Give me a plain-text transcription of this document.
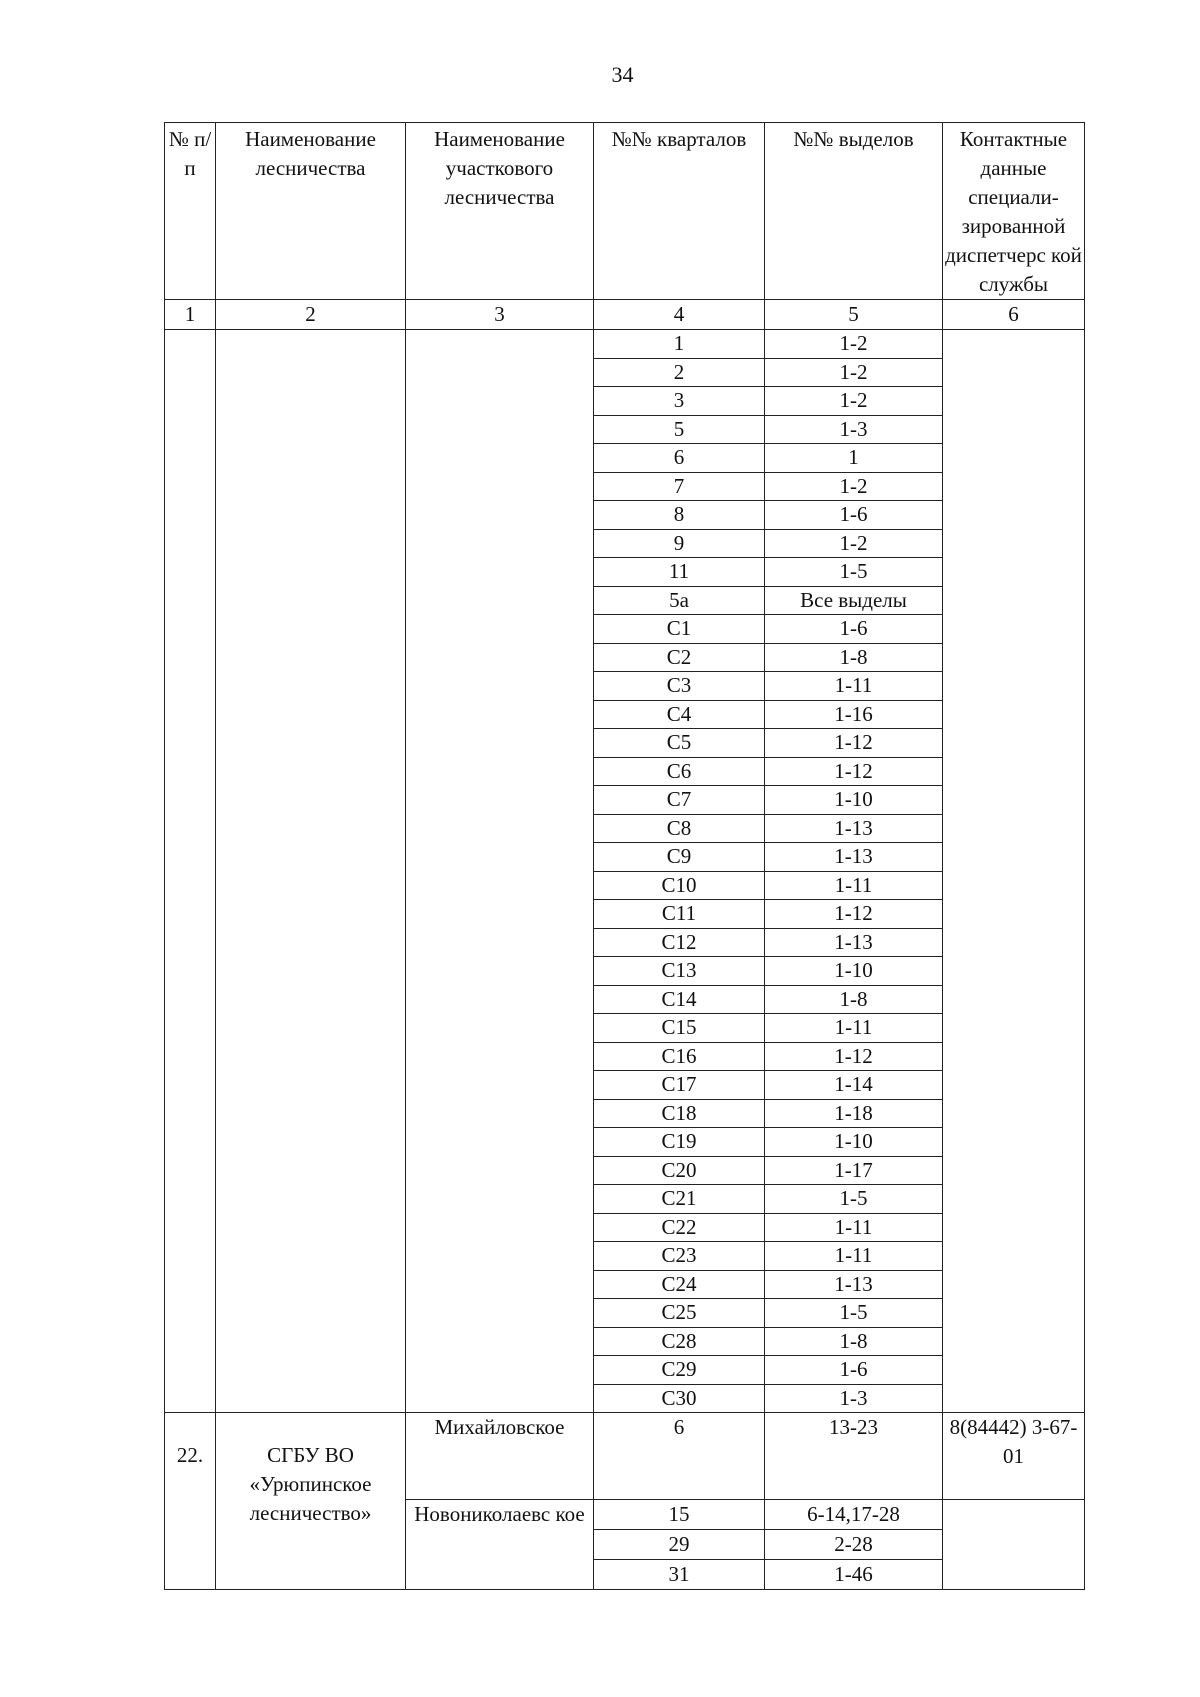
34
№ п/п	Наименование лесничества	Наименование участкового лесничества	№№ кварталов	№№ выделов	Контактные данные специали-зированной диспетчерс кой службы
1	2	3	4	5	6
			1	1-2	
			2	1-2	
			3	1-2	
			5	1-3	
			6	1	
			7	1-2	
			8	1-6	
			9	1-2	
			11	1-5	
			5а	Все выделы	
			С1	1-6	
			С2	1-8	
			С3	1-11	
			С4	1-16	
			С5	1-12	
			С6	1-12	
			С7	1-10	
			С8	1-13	
			С9	1-13	
			С10	1-11	
			С11	1-12	
			С12	1-13	
			С13	1-10	
			С14	1-8	
			С15	1-11	
			С16	1-12	
			С17	1-14	
			С18	1-18	
			С19	1-10	
			С20	1-17	
			С21	1-5	
			С22	1-11	
			С23	1-11	
			С24	1-13	
			С25	1-5	
			С28	1-8	
			С29	1-6	
			С30	1-3	
22.	СГБУ ВО «Урюпинское лесничество»	Михайловское	6	13-23	8(84442) 3-67-01
		Новониколаевс кое	15	6-14,17-28	
			29	2-28	
			31	1-46	
